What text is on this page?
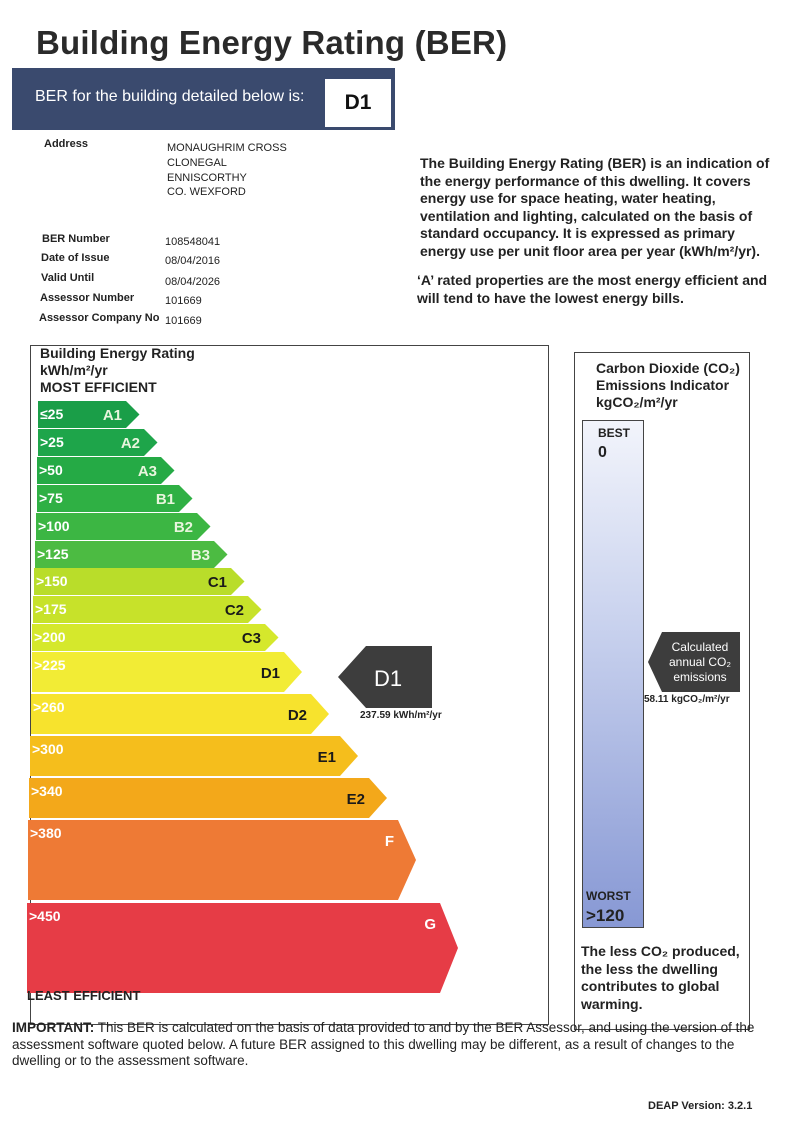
Building Energy Rating (BER)
BER for the building detailed below is:	D1
Address	MONAUGHRIM CROSS
CLONEGAL
ENNISCORTHY
CO. WEXFORD
BER Number	108548041
Date of Issue	08/04/2016
Valid Until	08/04/2026
Assessor Number	101669
Assessor Company No 101669
The Building Energy Rating (BER) is an indication of the energy performance of this dwelling. It covers energy use for space heating, water heating, ventilation and lighting, calculated on the basis of standard occupancy. It is expressed as primary energy use per unit floor area per year (kWh/m²/yr).
‘A’ rated properties are the most energy efficient and will tend to have the lowest energy bills.
Building Energy Rating
kWh/m²/yr
MOST EFFICIENT
≤25	A1
>25	A2
>50	A3
>75	B1
>100	B2
>125	B3
>150	C1
>175	C2
>200	C3
>225	D1
>260	D2
>300	E1
>340	E2
>380	F
>450	G
LEAST EFFICIENT
D1
237.59 kWh/m²/yr
Carbon Dioxide (CO₂)
Emissions Indicator
kgCO₂/m²/yr
BEST
0
WORST
>120
Calculated
annual CO₂
emissions
58.11 kgCO₂/m²/yr
The less CO₂ produced, the less the dwelling contributes to global warming.
IMPORTANT: This BER is calculated on the basis of data provided to and by the BER Assessor, and using the version of the assessment software quoted below. A future BER assigned to this dwelling may be different, as a result of changes to the dwelling or to the assessment software.
DEAP Version: 3.2.1
